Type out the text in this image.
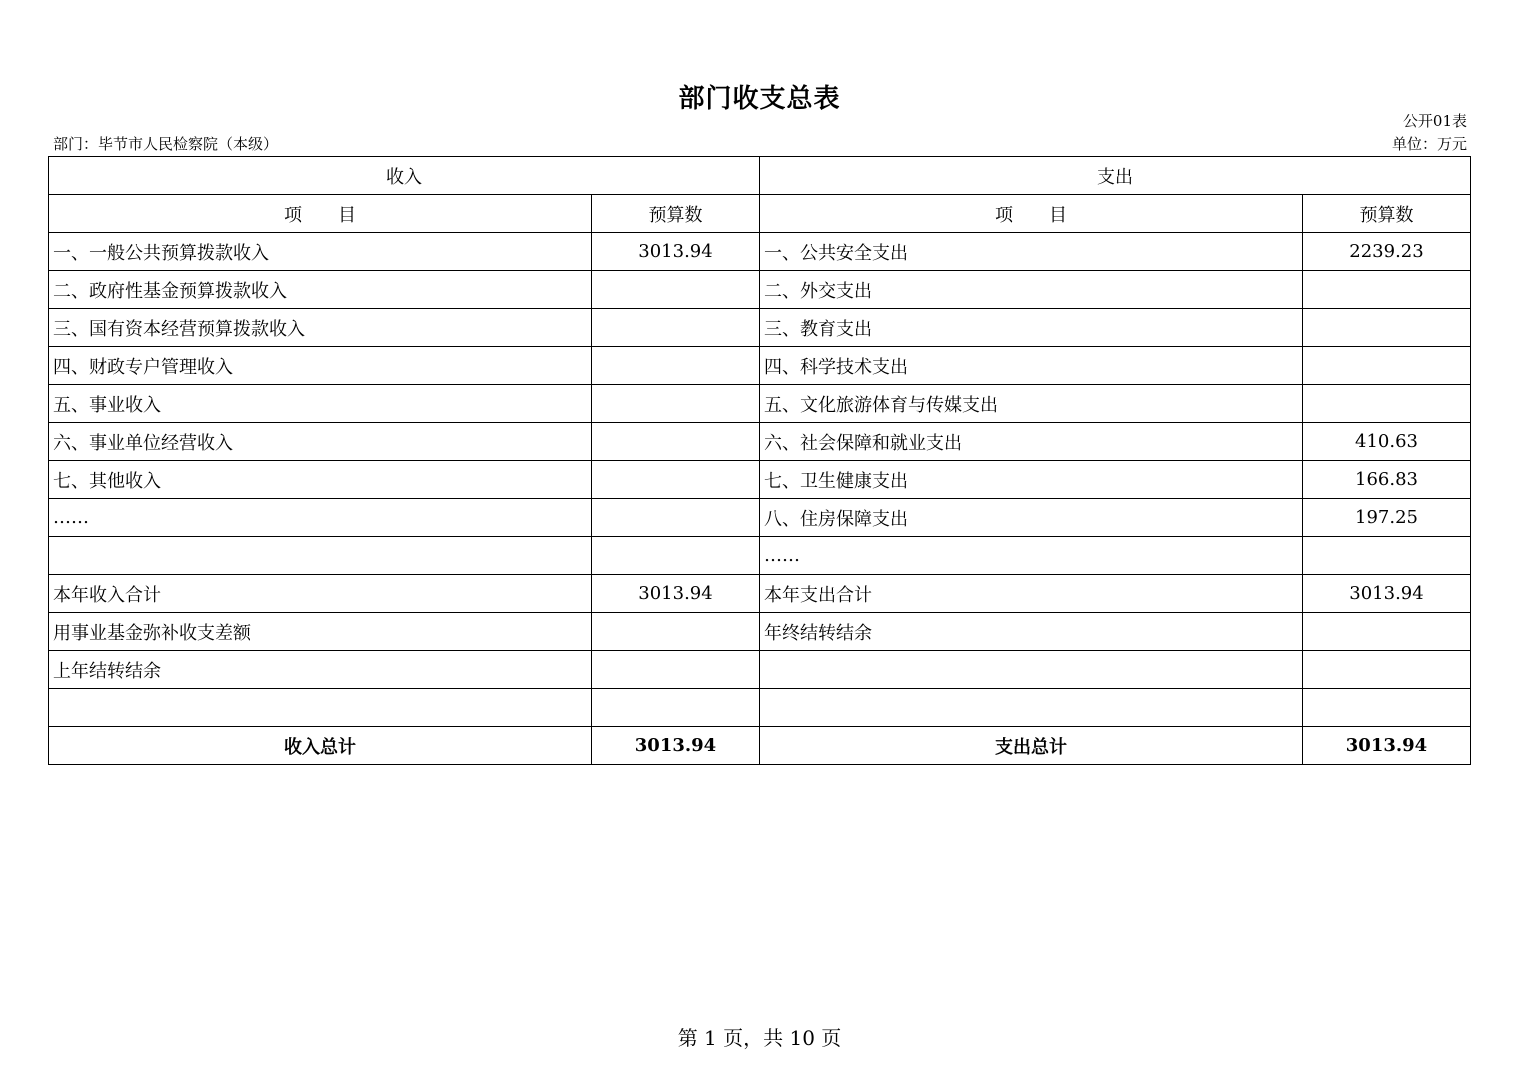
部门收支总表
公开01表
部门：毕节市人民检察院（本级）	单位：万元
收入		支出	
项　　目	预算数	项　　目	预算数
一、一般公共预算拨款收入	3013.94	一、公共安全支出	2239.23
二、政府性基金预算拨款收入		二、外交支出	
三、国有资本经营预算拨款收入		三、教育支出	
四、财政专户管理收入		四、科学技术支出	
五、事业收入		五、文化旅游体育与传媒支出	
六、事业单位经营收入		六、社会保障和就业支出	410.63
七、其他收入		七、卫生健康支出	166.83
……		八、住房保障支出	197.25
		……	
本年收入合计	3013.94	本年支出合计	3013.94
用事业基金弥补收支差额		年终结转结余	
上年结转结余			

收入总计	3013.94	支出总计	3013.94
第 1 页，共 10 页
